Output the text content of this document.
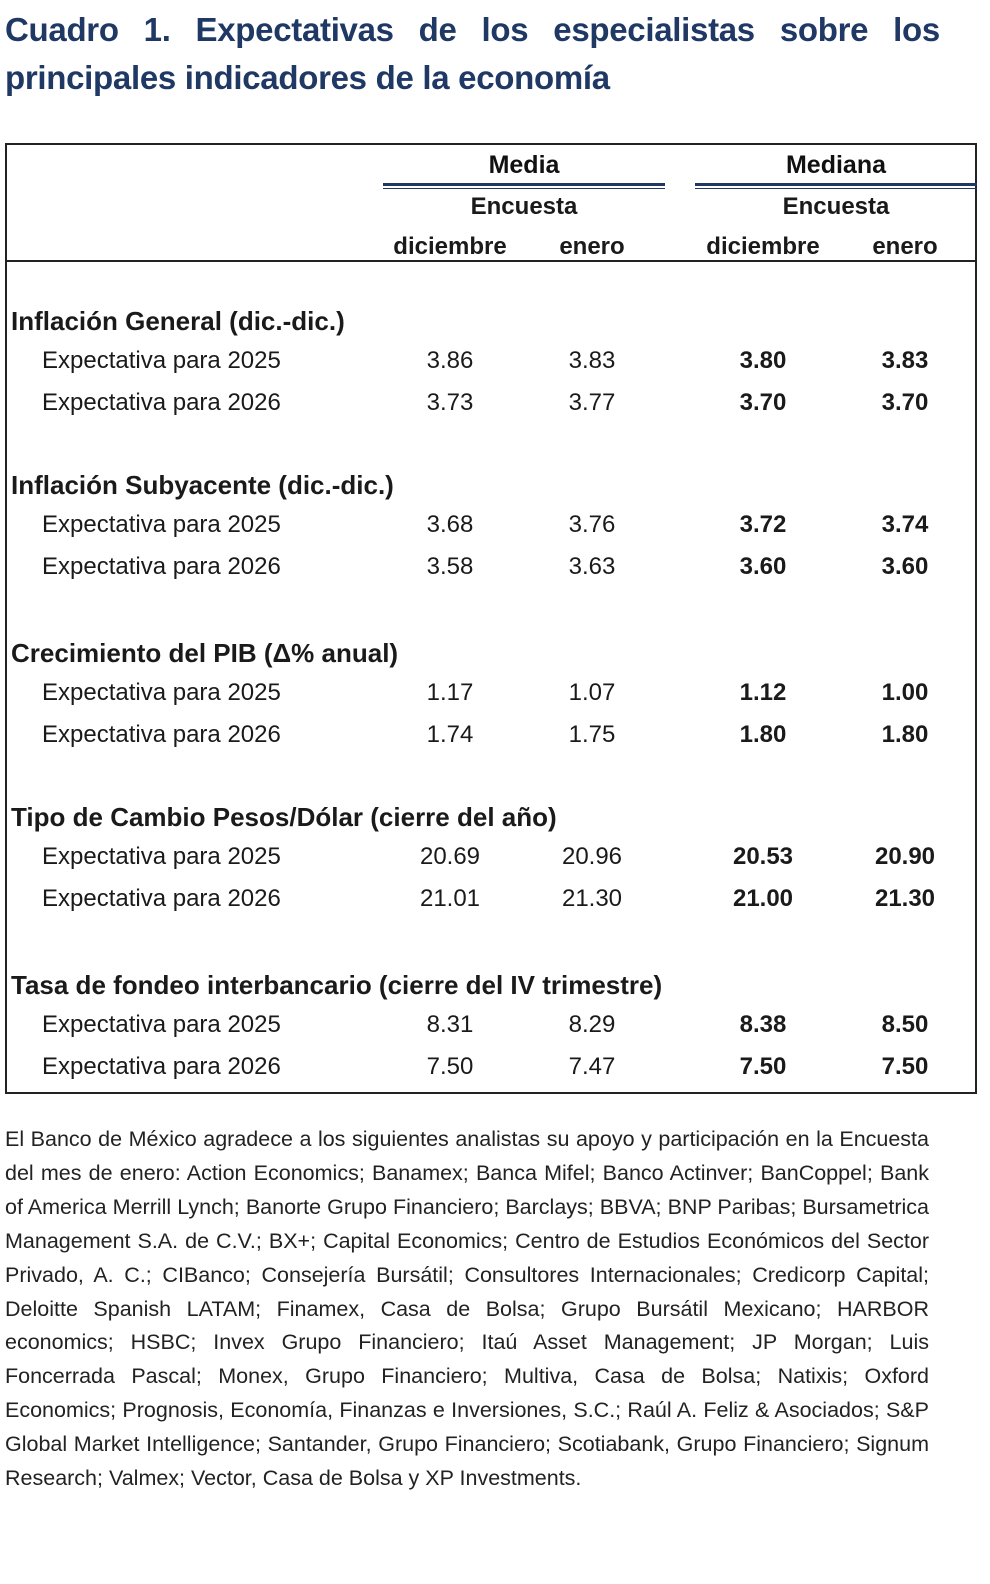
Cuadro 1. Expectativas de los especialistas sobre los
principales indicadores de la economía
Media	Mediana
Encuesta	Encuesta
diciembre	enero	diciembre	enero
Inflación General (dic.-dic.)
Expectativa para 2025	3.86	3.83	3.80	3.83
Expectativa para 2026	3.73	3.77	3.70	3.70
Inflación Subyacente (dic.-dic.)
Expectativa para 2025	3.68	3.76	3.72	3.74
Expectativa para 2026	3.58	3.63	3.60	3.60
Crecimiento del PIB (Δ% anual)
Expectativa para 2025	1.17	1.07	1.12	1.00
Expectativa para 2026	1.74	1.75	1.80	1.80
Tipo de Cambio Pesos/Dólar (cierre del año)
Expectativa para 2025	20.69	20.96	20.53	20.90
Expectativa para 2026	21.01	21.30	21.00	21.30
Tasa de fondeo interbancario (cierre del IV trimestre)
Expectativa para 2025	8.31	8.29	8.38	8.50
Expectativa para 2026	7.50	7.47	7.50	7.50
El Banco de México agradece a los siguientes analistas su apoyo y participación en la Encuesta del mes de enero: Action Economics; Banamex; Banca Mifel; Banco Actinver; BanCoppel; Bank of America Merrill Lynch; Banorte Grupo Financiero; Barclays; BBVA; BNP Paribas; Bursametrica Management S.A. de C.V.; BX+; Capital Economics; Centro de Estudios Económicos del Sector Privado, A. C.; CIBanco; Consejería Bursátil; Consultores Internacionales; Credicorp Capital; Deloitte Spanish LATAM; Finamex, Casa de Bolsa; Grupo Bursátil Mexicano; HARBOR economics; HSBC; Invex Grupo Financiero; Itaú Asset Management; JP Morgan; Luis Foncerrada Pascal; Monex, Grupo Financiero; Multiva, Casa de Bolsa; Natixis; Oxford Economics; Prognosis, Economía, Finanzas e Inversiones, S.C.; Raúl A. Feliz & Asociados; S&P Global Market Intelligence; Santander, Grupo Financiero; Scotiabank, Grupo Financiero; Signum Research; Valmex; Vector, Casa de Bolsa y XP Investments.
